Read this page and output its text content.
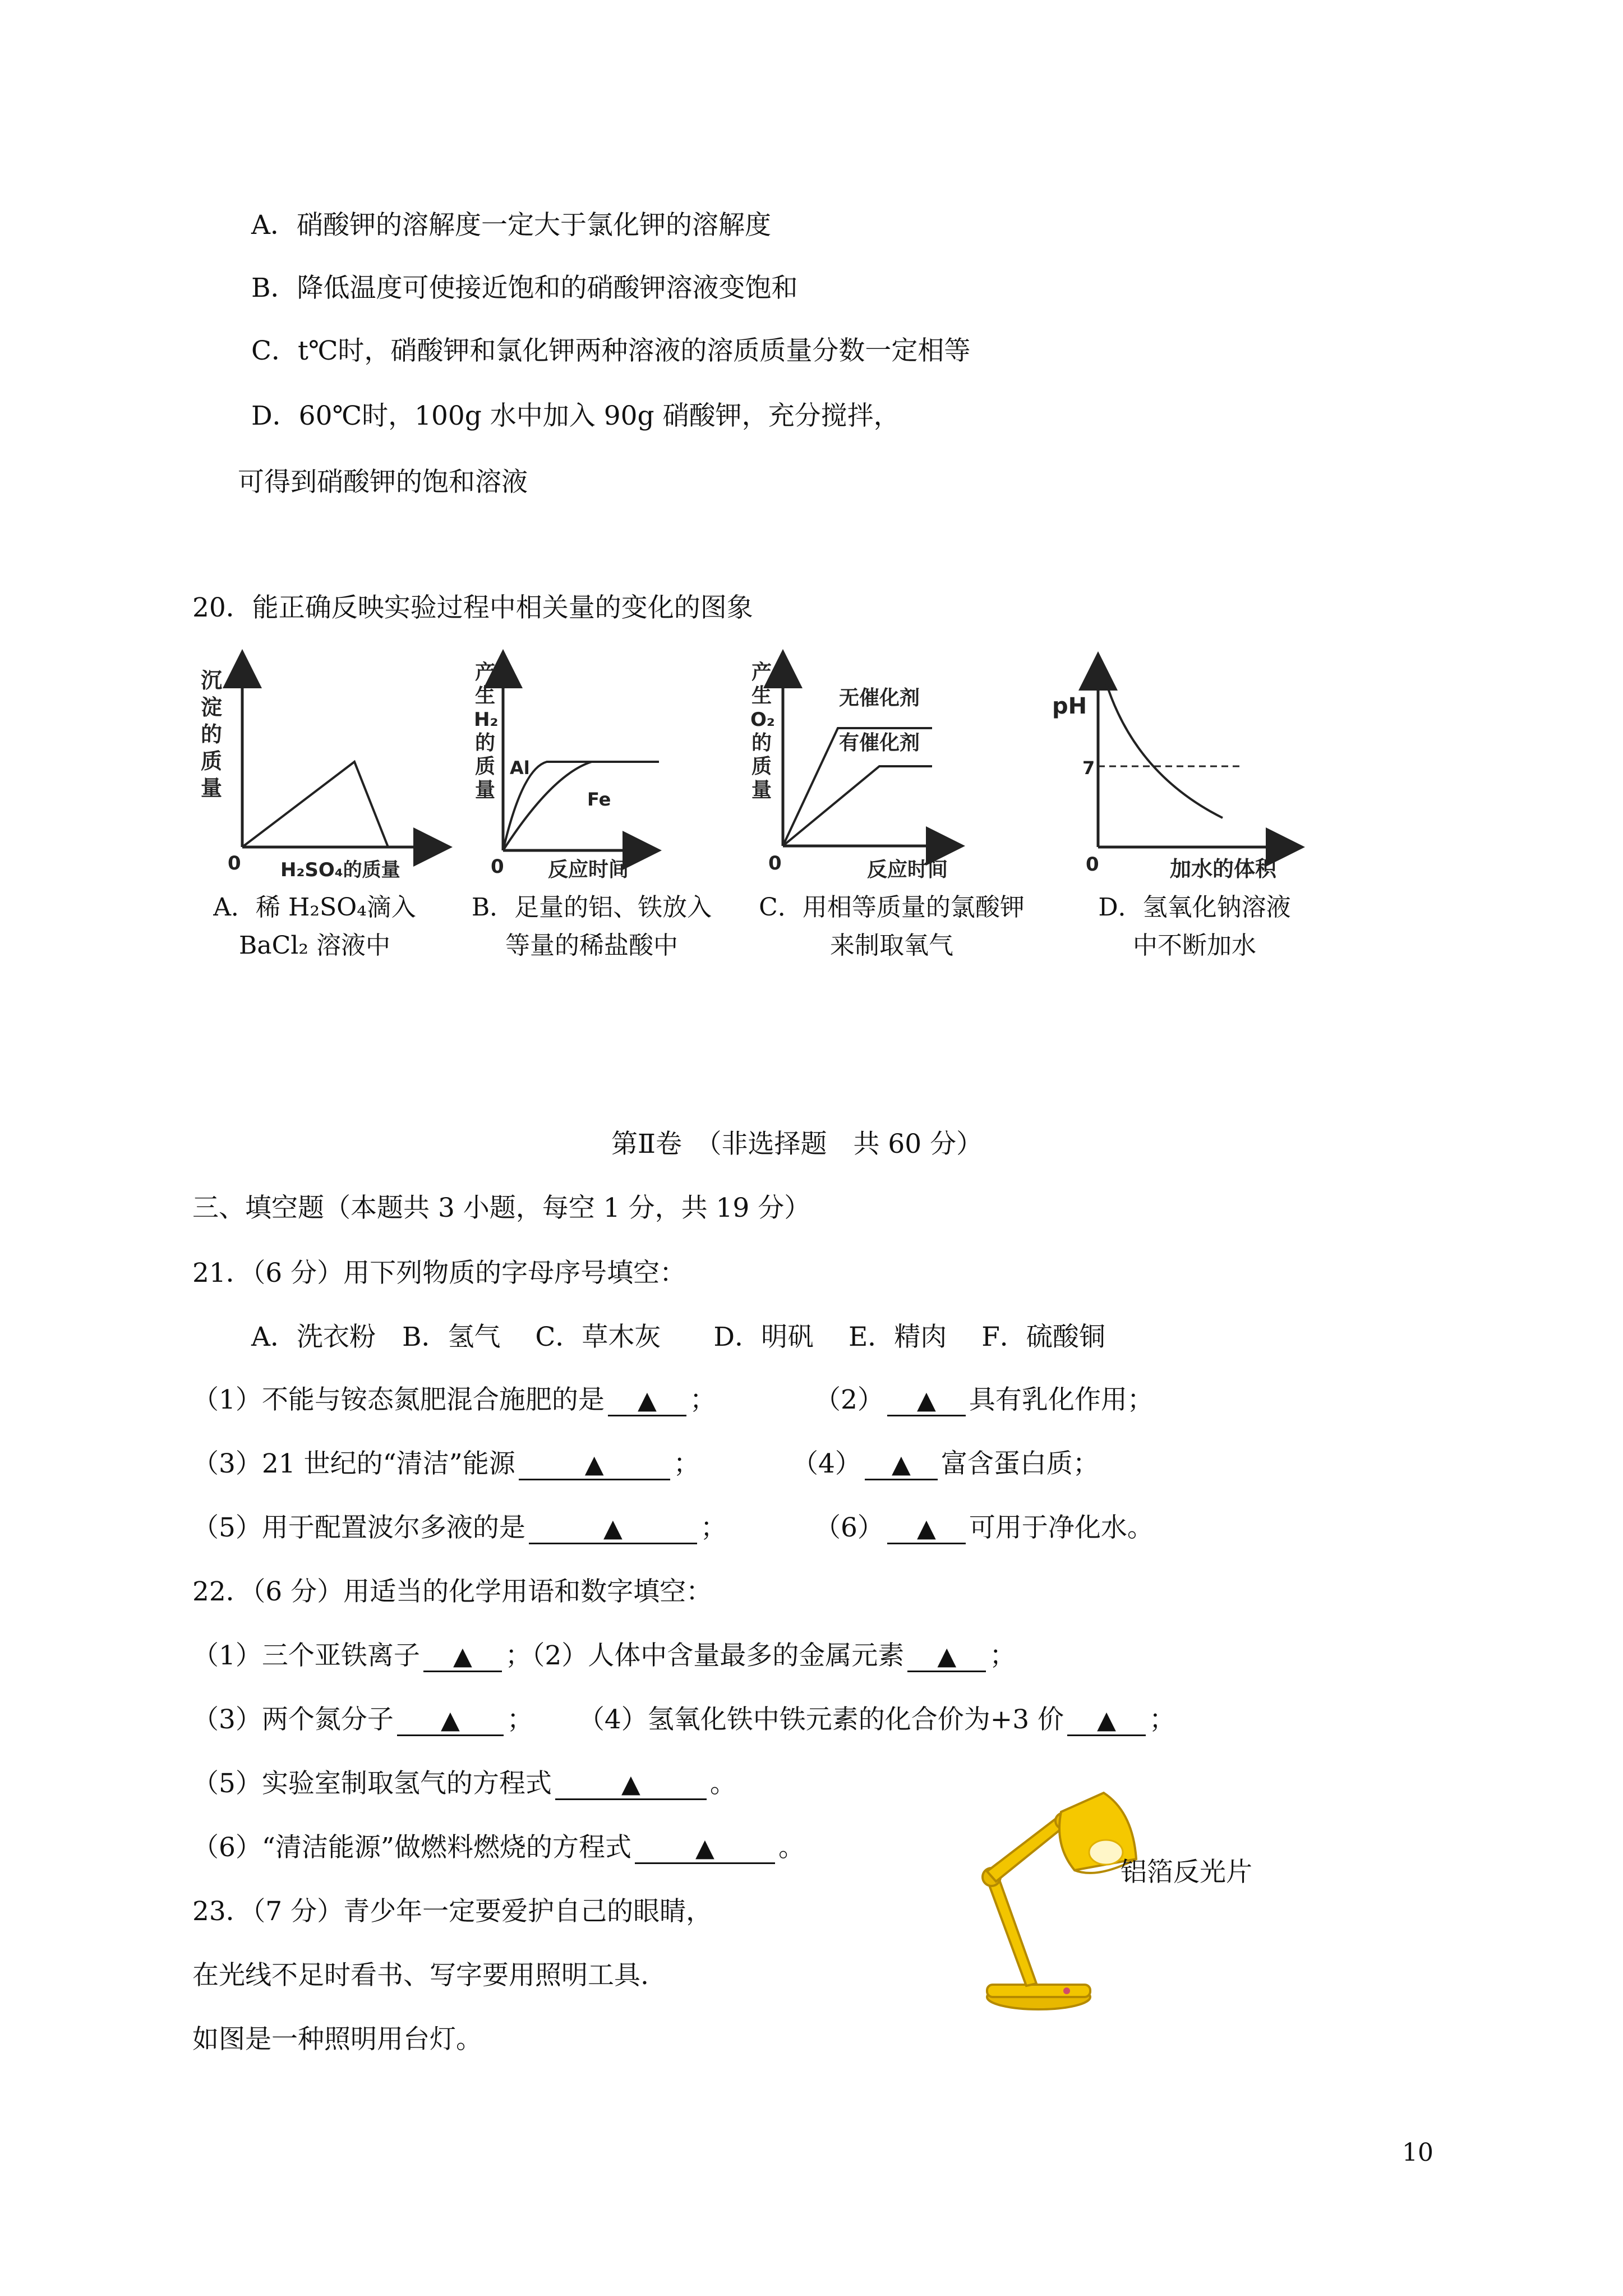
A．硝酸钾的溶解度一定大于氯化钾的溶解度
B．降低温度可使接近饱和的硝酸钾溶液变饱和
C．t℃时，硝酸钾和氯化钾两种溶液的溶质质量分数一定相等
D．60℃时，100g 水中加入 90g 硝酸钾，充分搅拌，
可得到硝酸钾的饱和溶液
20．能正确反映实验过程中相关量的变化的图象
沉
淀
的
质
量
0 H₂SO₄的质量
A．稀 H₂SO₄滴入
BaCl₂ 溶液中
产
生
H₂
的
质
量
Al
Fe
0 反应时间
B．足量的铝、铁放入
等量的稀盐酸中
产
生
O₂
的
质
量
无催化剂
有催化剂
0	反应时间
C．用相等质量的氯酸钾
来制取氧气
pH
7
0	加水的体积
D．氢氧化钠溶液
中不断加水
第Ⅱ卷　（非选择题　共 60 分）
三、填空题（本题共 3 小题，每空 1 分，共 19 分）
21．（6 分）用下列物质的字母序号填空：
A．洗衣粉　B．氢气　 C．草木灰　　D．明矾　 E．精肉　 F．硫酸铜
（1）不能与铵态氮肥混合施肥的是 ▲ ；	（2） ▲ 具有乳化作用；
（3）21 世纪的“清洁”能源	▲	；	（4） ▲ 富含蛋白质；
（5）用于配置波尔多液的是	▲	；	（6） ▲ 可用于净化水。
22．（6 分）用适当的化学用语和数字填空：
（1）三个亚铁离子 ▲ ；（2）人体中含量最多的金属元素 ▲ ；
（3）两个氮分子 ▲ ； （4）氢氧化铁中铁元素的化合价为+3 价 ▲ ；
（5）实验室制取氢气的方程式	▲	。
（6）“清洁能源”做燃料燃烧的方程式	▲ 。
23．（7 分）青少年一定要爱护自己的眼睛，
在光线不足时看书、写字要用照明工具.
如图是一种照明用台灯。
铝箔反光片
10
